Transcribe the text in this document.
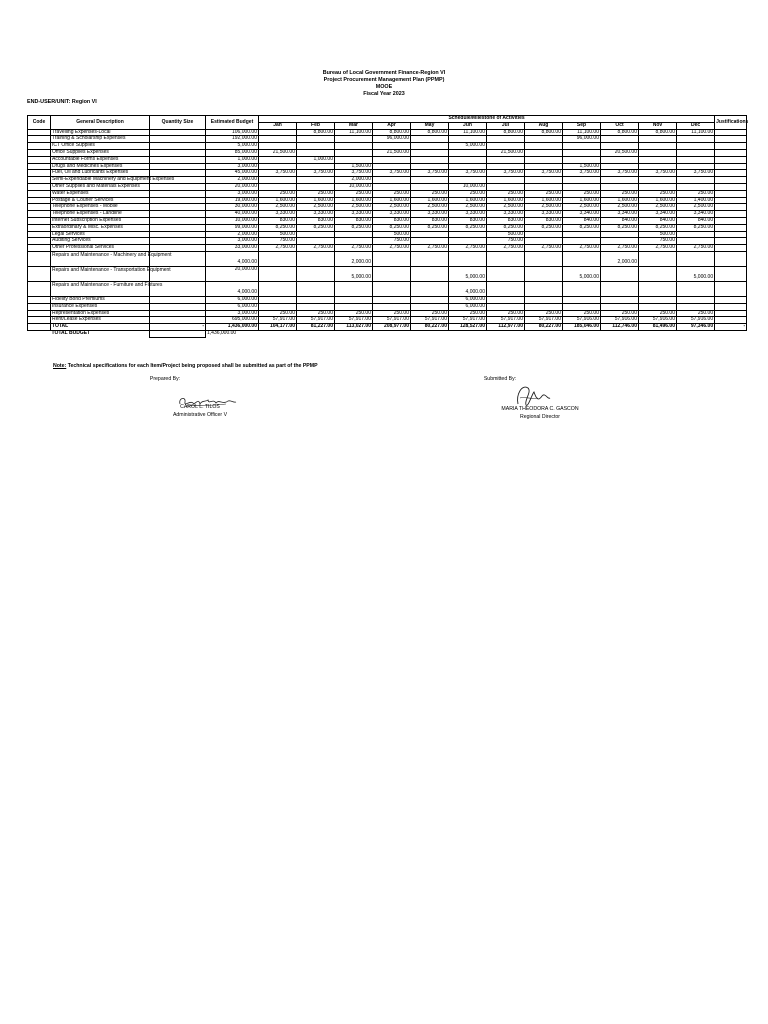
Bureau of Local Government Finance-Region VI
Project Procurement Management Plan (PPMP)
MOOE
Fiscal Year 2023
END-USER/UNIT: Region VI
Code	General Description	Quantity Size	Estimated Budget	Schedule/Milestone of Activities												Justifications
				Jan	Feb	Mar	Apr	May	Jun	Jul	Aug	Sep	Oct	Nov	Dec	
	Travelling Expenses-Local		106,000.00		8,800.00	11,100.00	8,800.00	8,800.00	11,100.00	8,800.00	8,800.00	11,100.00	8,800.00	8,800.00	11,100.00	
	Training & Scholarship Expenses		192,000.00				96,000.00					96,000.00				
	ICT Office Supplies		5,000.00						5,000.00							
	Office Supplies Expenses		85,000.00	21,500.00			21,500.00			21,500.00			20,500.00			
	Accountable Forms Expenses		1,000.00		1,000.00											
	Drugs and Medicines Expenses		3,000.00			1,500.00						1,500.00				
	Fuel, Oil and Lubricants Expenses		45,000.00	3,750.00	3,750.00	3,750.00	3,750.00	3,750.00	3,750.00	3,750.00	3,750.00	3,750.00	3,750.00	3,750.00	3,750.00	
	Semi-Expendable Machinery and Equipment Expenses		2,000.00			2,000.00										
	Other Supplies and Materials Expenses		20,000.00			10,000.00			10,000.00							
	Water Expenses		3,000.00	250.00	250.00	250.00	250.00	250.00	250.00	250.00	250.00	250.00	250.00	250.00	250.00	
	Postage & Courier Services		19,000.00	1,600.00	1,600.00	1,600.00	1,600.00	1,600.00	1,600.00	1,600.00	1,600.00	1,600.00	1,600.00	1,600.00	1,400.00	
	Telephone Expenses - Mobile		30,000.00	2,500.00	2,500.00	2,500.00	2,500.00	2,500.00	2,500.00	2,500.00	2,500.00	2,500.00	2,500.00	2,500.00	2,500.00	
	Telephone Expenses - Landline		40,000.00	3,330.00	3,330.00	3,330.00	3,330.00	3,330.00	3,330.00	3,330.00	3,330.00	3,340.00	3,340.00	3,340.00	3,340.00	
	Internet Subscription Expenses		10,000.00	830.00	830.00	830.00	830.00	830.00	830.00	830.00	830.00	840.00	840.00	840.00	840.00	
	Extraordinary & Misc. Expenses		99,000.00	8,250.00	8,250.00	8,250.00	8,250.00	8,250.00	8,250.00	8,250.00	8,250.00	8,250.00	8,250.00	8,250.00	8,250.00	
	Legal Services		2,000.00	500.00			500.00			500.00				500.00		
	Auditing Services		3,000.00	750.00			750.00			750.00				750.00		
	Other Professional Services		33,000.00	2,750.00	2,750.00	2,750.00	2,750.00	2,750.00	2,750.00	2,750.00	2,750.00	2,750.00	2,750.00	2,750.00	2,750.00	
	Repairs and Maintenance - Machinery and Equipment		4,000.00			2,000.00							2,000.00			
	Repairs and Maintenance - Transportation Equipment		20,000.00			5,000.00			5,000.00			5,000.00			5,000.00	
	Repairs and Maintenance - Furniture and Fixtures		4,000.00						4,000.00							
	Fidelity Bond Premiums		6,000.00						6,000.00							
	Insurance Expenses		6,000.00						6,000.00							
	Representation Expenses		3,000.00	250.00	250.00	250.00	250.00	250.00	250.00	250.00	250.00	250.00	250.00	250.00	250.00	
	Rent/Lease Expenses		695,000.00	57,917.00	57,917.00	57,917.00	57,917.00	57,917.00	57,917.00	57,917.00	57,917.00	57,916.00	57,916.00	57,916.00	57,916.00	
	TOTAL	-	1,436,000.00	104,177.00	81,227.00	113,027.00	208,977.00	80,227.00	128,527.00	112,977.00	80,227.00	185,046.00	112,746.00	81,496.00	97,346.00	-
	TOTAL BUDGET		1,436,000.00													
Note: Technical specifications for each Item/Project being proposed shall be submitted as part of the PPMP
Prepared By:
CAROL L. TILOS
Administrative Officer V
Submitted By:
MARIA THEODORA C. GASCON
Regional Director
